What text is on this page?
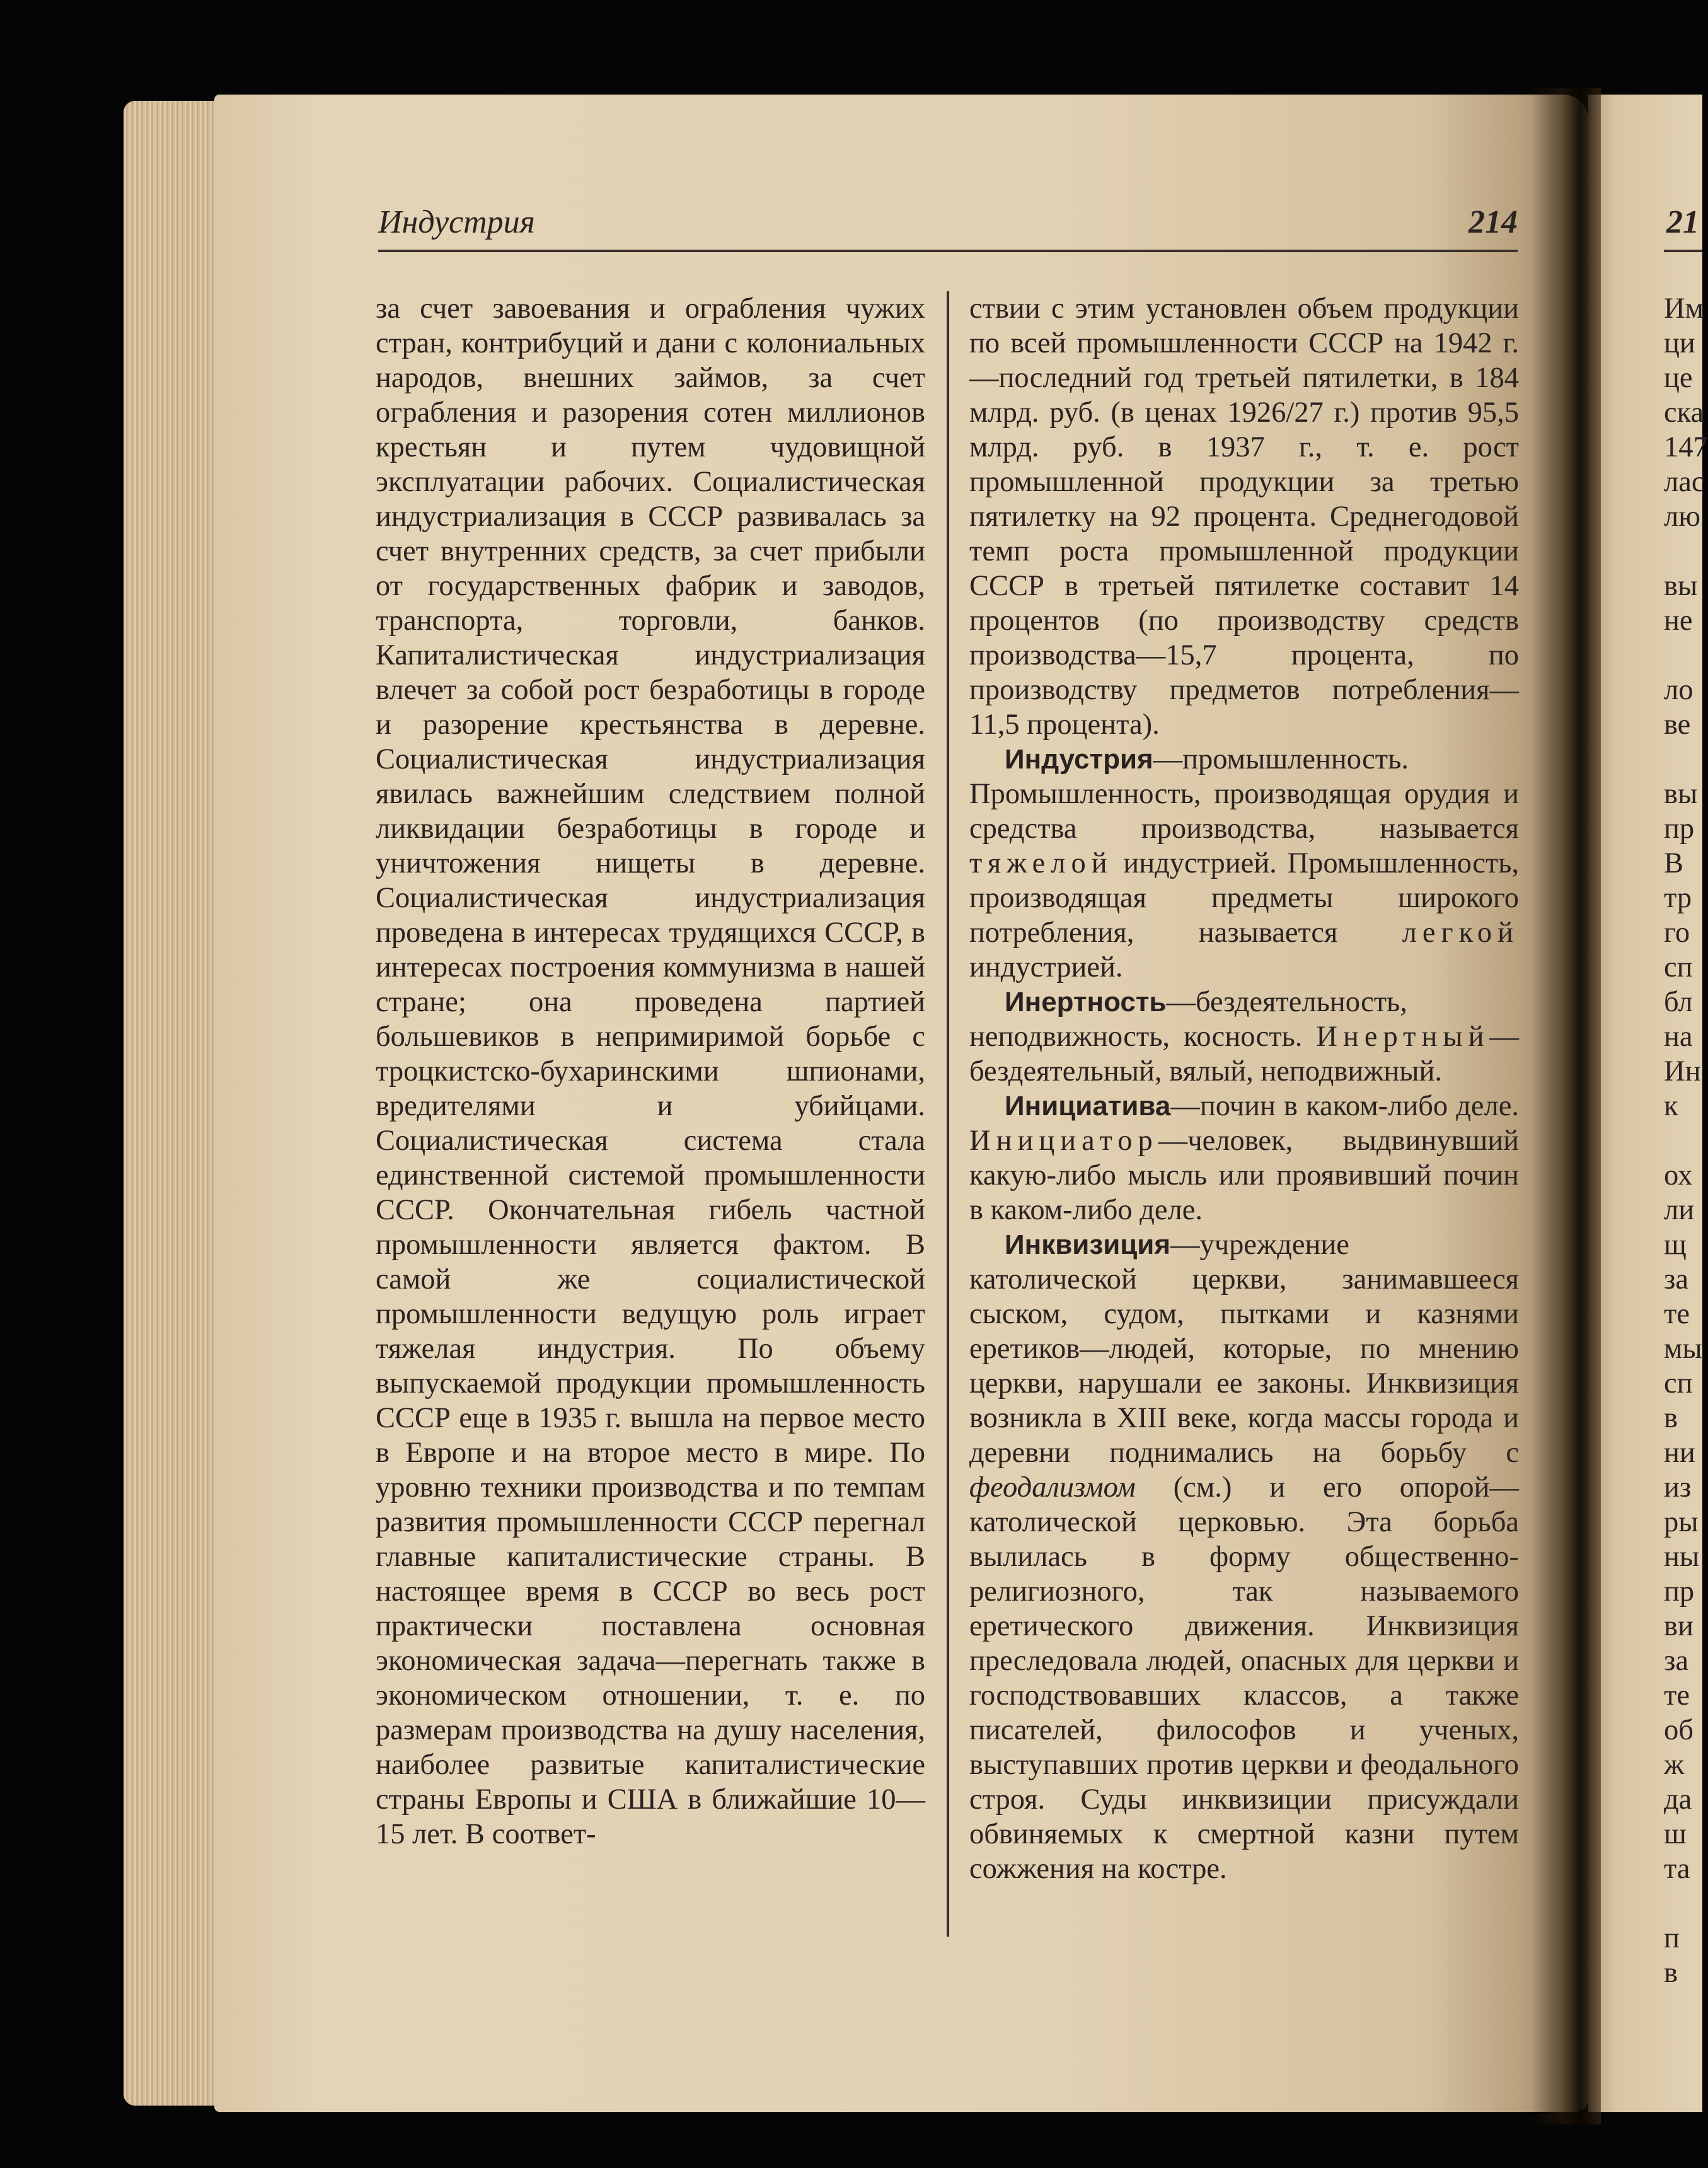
Индустрия	214

за счет завоевания и ограбления чужих стран, контрибуций и дани с колониальных народов, внешних займов, за счет ограбления и разорения сотен миллионов крестьян и путем чудовищной эксплуатации рабочих. Социалистическая индустриализация в СССР развивалась за счет внутренних средств, за счет прибыли от государственных фабрик и заводов, транспорта, торговли, банков. Капиталистическая индустриализация влечет за собой рост безработицы в городе и разорение крестьянства в деревне. Социалистическая индустриализация явилась важнейшим следствием полной ликвидации безработицы в городе и уничтожения нищеты в деревне. Социалистическая индустриализация проведена в интересах трудящихся СССР, в интересах построения коммунизма в нашей стране; она проведена партией большевиков в непримиримой борьбе с троцкистско-бухаринскими шпионами, вредителями и убийцами. Социалистическая система стала единственной системой промышленности СССР. Окончательная гибель частной промышленности является фактом. В самой же социалистической промышленности ведущую роль играет тяжелая индустрия. По объему выпускаемой продукции промышленность СССР еще в 1935 г. вышла на первое место в Европе и на второе место в мире. По уровню техники производства и по темпам развития промышленности СССР перегнал главные капиталистические страны. В настоящее время в СССР во весь рост практически поставлена основная экономическая задача—перегнать также в экономическом отношении, т. е. по размерам производства на душу населения, наиболее развитые капиталистические страны Европы и США в ближайшие 10—15 лет. В соответ-

ствии с этим установлен объем продукции по всей промышленности СССР на 1942 г.—последний год третьей пятилетки, в 184 млрд. руб. (в ценах 1926/27 г.) против 95,5 млрд. руб. в 1937 г., т. е. рост промышленной продукции за третью пятилетку на 92 процента. Среднегодовой темп роста промышленной продукции СССР в третьей пятилетке составит 14 процентов (по производству средств производства—15,7 процента, по производству предметов потребления—11,5 процента).

Индустрия—промышленность. Промышленность, производящая орудия и средства производства, называется тяжелой индустрией. Промышленность, производящая предметы широкого потребления, называется легкой индустрией.

Инертность—бездеятельность, неподвижность, косность. Инертный—бездеятельный, вялый, неподвижный.

Инициатива—почин в каком-либо деле. Инициатор—человек, выдвинувший какую-либо мысль или проявивший почин в каком-либо деле.

Инквизиция—учреждение католической церкви, занимавшееся сыском, судом, пытками и казнями еретиков—людей, которые, по мнению церкви, нарушали ее законы. Инквизиция возникла в XIII веке, когда массы города и деревни поднимались на борьбу с феодализмом (см.) и его опорой—католической церковью. Эта борьба вылилась в форму общественно-религиозного, так называемого еретического движения. Инквизиция преследовала людей, опасных для церкви и господствовавших классов, а также писателей, философов и ученых, выступавших против церкви и феодального строя. Суды инквизиции присуждали обвиняемых к смертной казни путем сожжения на костре.

21
Им
ци
це
ска
147
лас
лю
вы
не
ло
ве
вы
пр
В
тр
го
сп
бл
на
Ин
к
ох
ли
щ
за
те
мы
сп
в
ни
из
ры
ны
пр
ви
за
те
об
ж
да
ш
та
п
в
